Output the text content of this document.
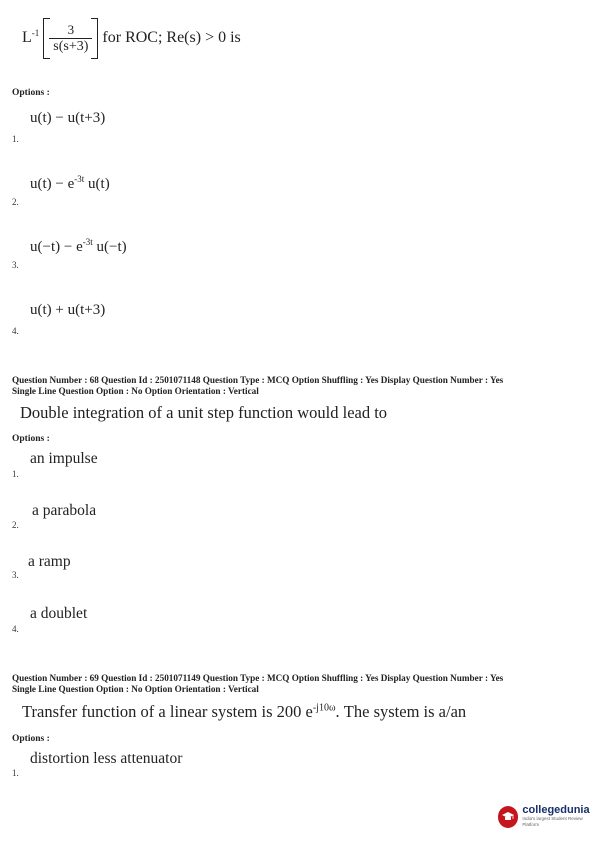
$L^{-1} \frac{3}{s(s+3)}$ for ROC; Re(s) > 0 is
Options :
u(t) − u(t+3)
1.
$u(t) - e^{-3t}$ u(t)
2.
$u(-t) - e^{-3t}$ u(−t)
3.
u(t) + u(t+3)
4.
Question Number : 68 Question Id : 2501071148 Question Type : MCQ Option Shuffling : Yes Display Question Number : Yes
Single Line Question Option : No Option Orientation : Vertical
Double integration of a unit step function would lead to
Options :
an impulse
1.
a parabola
2.
a ramp
3.
a doublet
4.
Question Number : 69 Question Id : 2501071149 Question Type : MCQ Option Shuffling : Yes Display Question Number : Yes
Single Line Question Option : No Option Orientation : Vertical
Transfer function of a linear system is 200 $e^{-j10\omega}$. The system is a/an
Options :
distortion less attenuator
1.
collegedunia
India's largest Student Review Platform
